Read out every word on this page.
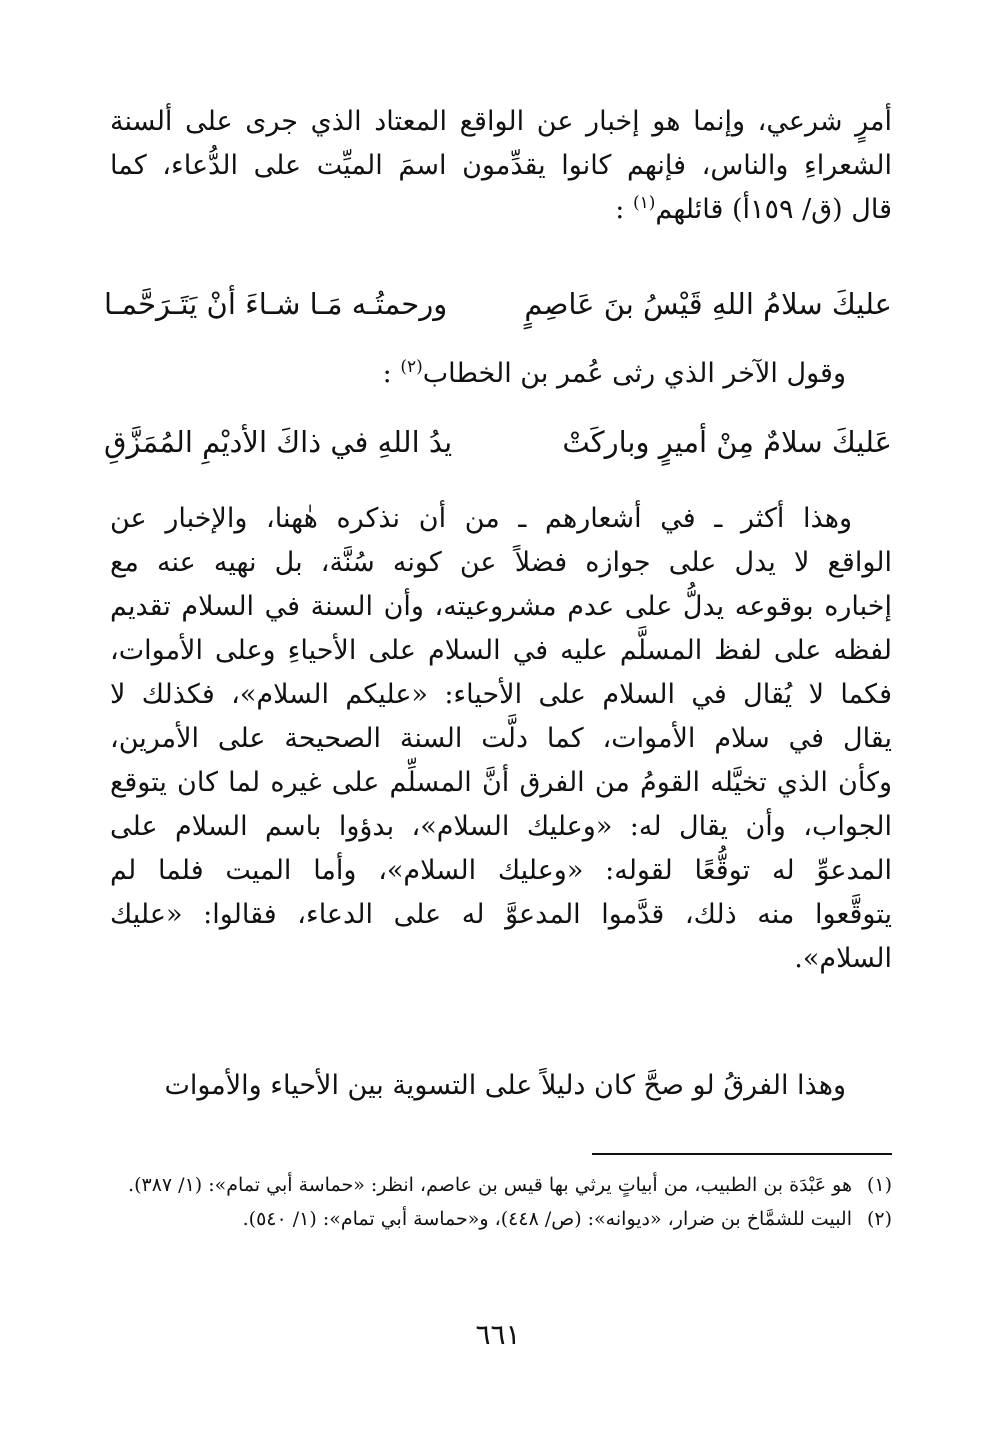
أمرٍ شرعي، وإنما هو إخبار عن الواقع المعتاد الذي جرى على ألسنة
الشعراءِ والناس، فإنهم كانوا يقدِّمون اسمَ الميِّت على الدُّعاء، كما
قال (ق/ ١٥٩أ) قائلهم$^{(١)}$ :
عليكَ سلامُ اللهِ قَيْسُ بنَ عَاصِمٍ
ورحمتُـه مَـا شـاءَ أنْ يَتَـرَحَّمـا
وقول الآخر الذي رثى عُمر بن الخطاب$^{(٢)}$ :
عَليكَ سلامٌ مِنْ أميرٍ وباركَتْ
يدُ اللهِ في ذاكَ الأديْمِ المُمَزَّقِ
وهذا أكثر ـ في أشعارهم ـ من أن نذكره هٰهنا، والإخبار عن
الواقع لا يدل على جوازه فضلاً عن كونه سُنَّة، بل نهيه عنه مع
إخباره بوقوعه يدلُّ على عدم مشروعيته، وأن السنة في السلام تقديم
لفظه على لفظ المسلَّم عليه في السلام على الأحياءِ وعلى الأموات،
فكما لا يُقال في السلام على الأحياء: «عليكم السلام»، فكذلك لا
يقال في سلام الأموات، كما دلَّت السنة الصحيحة على الأمرين،
وكأن الذي تخيَّله القومُ من الفرق أنَّ المسلِّم على غيره لما كان يتوقع
الجواب، وأن يقال له: «وعليك السلام»، بدؤوا باسم السلام على
المدعوِّ له توقُّعًا لقوله: «وعليك السلام»، وأما الميت فلما لم
يتوقَّعوا منه ذلك، قدَّموا المدعوَّ له على الدعاء، فقالوا: «عليك
السلام».
وهذا الفرقُ لو صحَّ كان دليلاً على التسوية بين الأحياء والأموات
(١)
هو عَبْدَة بن الطبيب، من أبياتٍ يرثي بها قيس بن عاصم، انظر: «حماسة أبي تمام»: (١/ ٣٨٧).
(٢)
البيت للشمَّاخ بن ضرار، «ديوانه»: (ص/ ٤٤٨)، و«حماسة أبي تمام»: (١/ ٥٤٠).
٦٦١
